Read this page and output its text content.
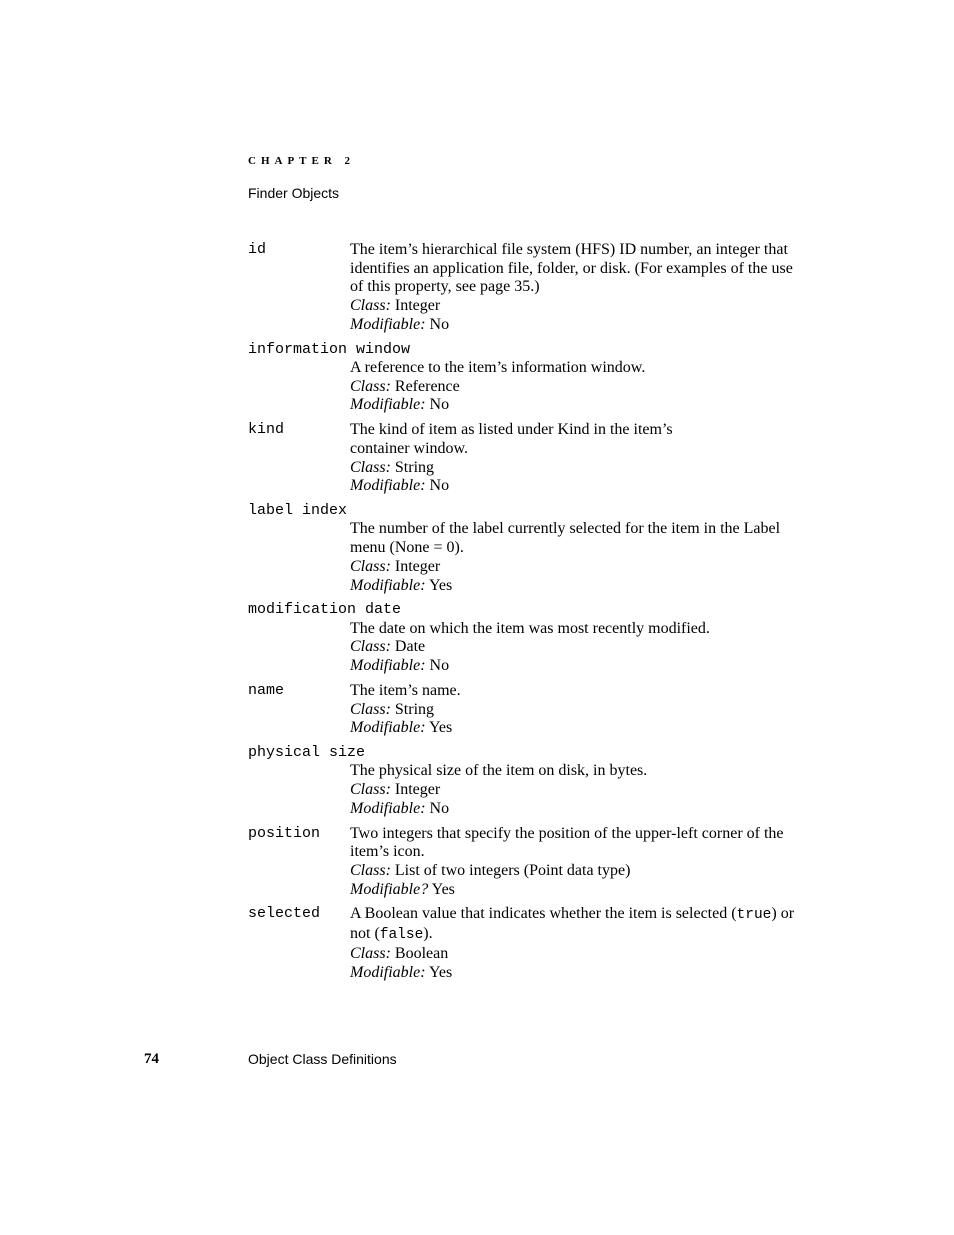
CHAPTER 2
Finder Objects
id	The item’s hierarchical file system (HFS) ID number, an integer that identifies an application file, folder, or disk. (For examples of the use of this property, see page 35.)

Class: Integer

Modifiable: No

information window

A reference to the item’s information window.

Class: Reference

Modifiable: No

kind	The kind of item as listed under Kind in the item’s

container window.

Class: String

Modifiable: No

label index

The number of the label currently selected for the item in the Label menu (None = 0).

Class: Integer

Modifiable: Yes

modification date

The date on which the item was most recently modified.

Class: Date

Modifiable: No

name	The item’s name.

Class: String

Modifiable: Yes

physical size

The physical size of the item on disk, in bytes.

Class: Integer

Modifiable: No

position Two integers that specify the position of the upper-left corner of the item’s icon.

Class: List of two integers (Point data type)

Modifiable? Yes

selected A Boolean value that indicates whether the item is selected (true) or not (false).

Class: Boolean

Modifiable: Yes

74	Object Class Definitions
